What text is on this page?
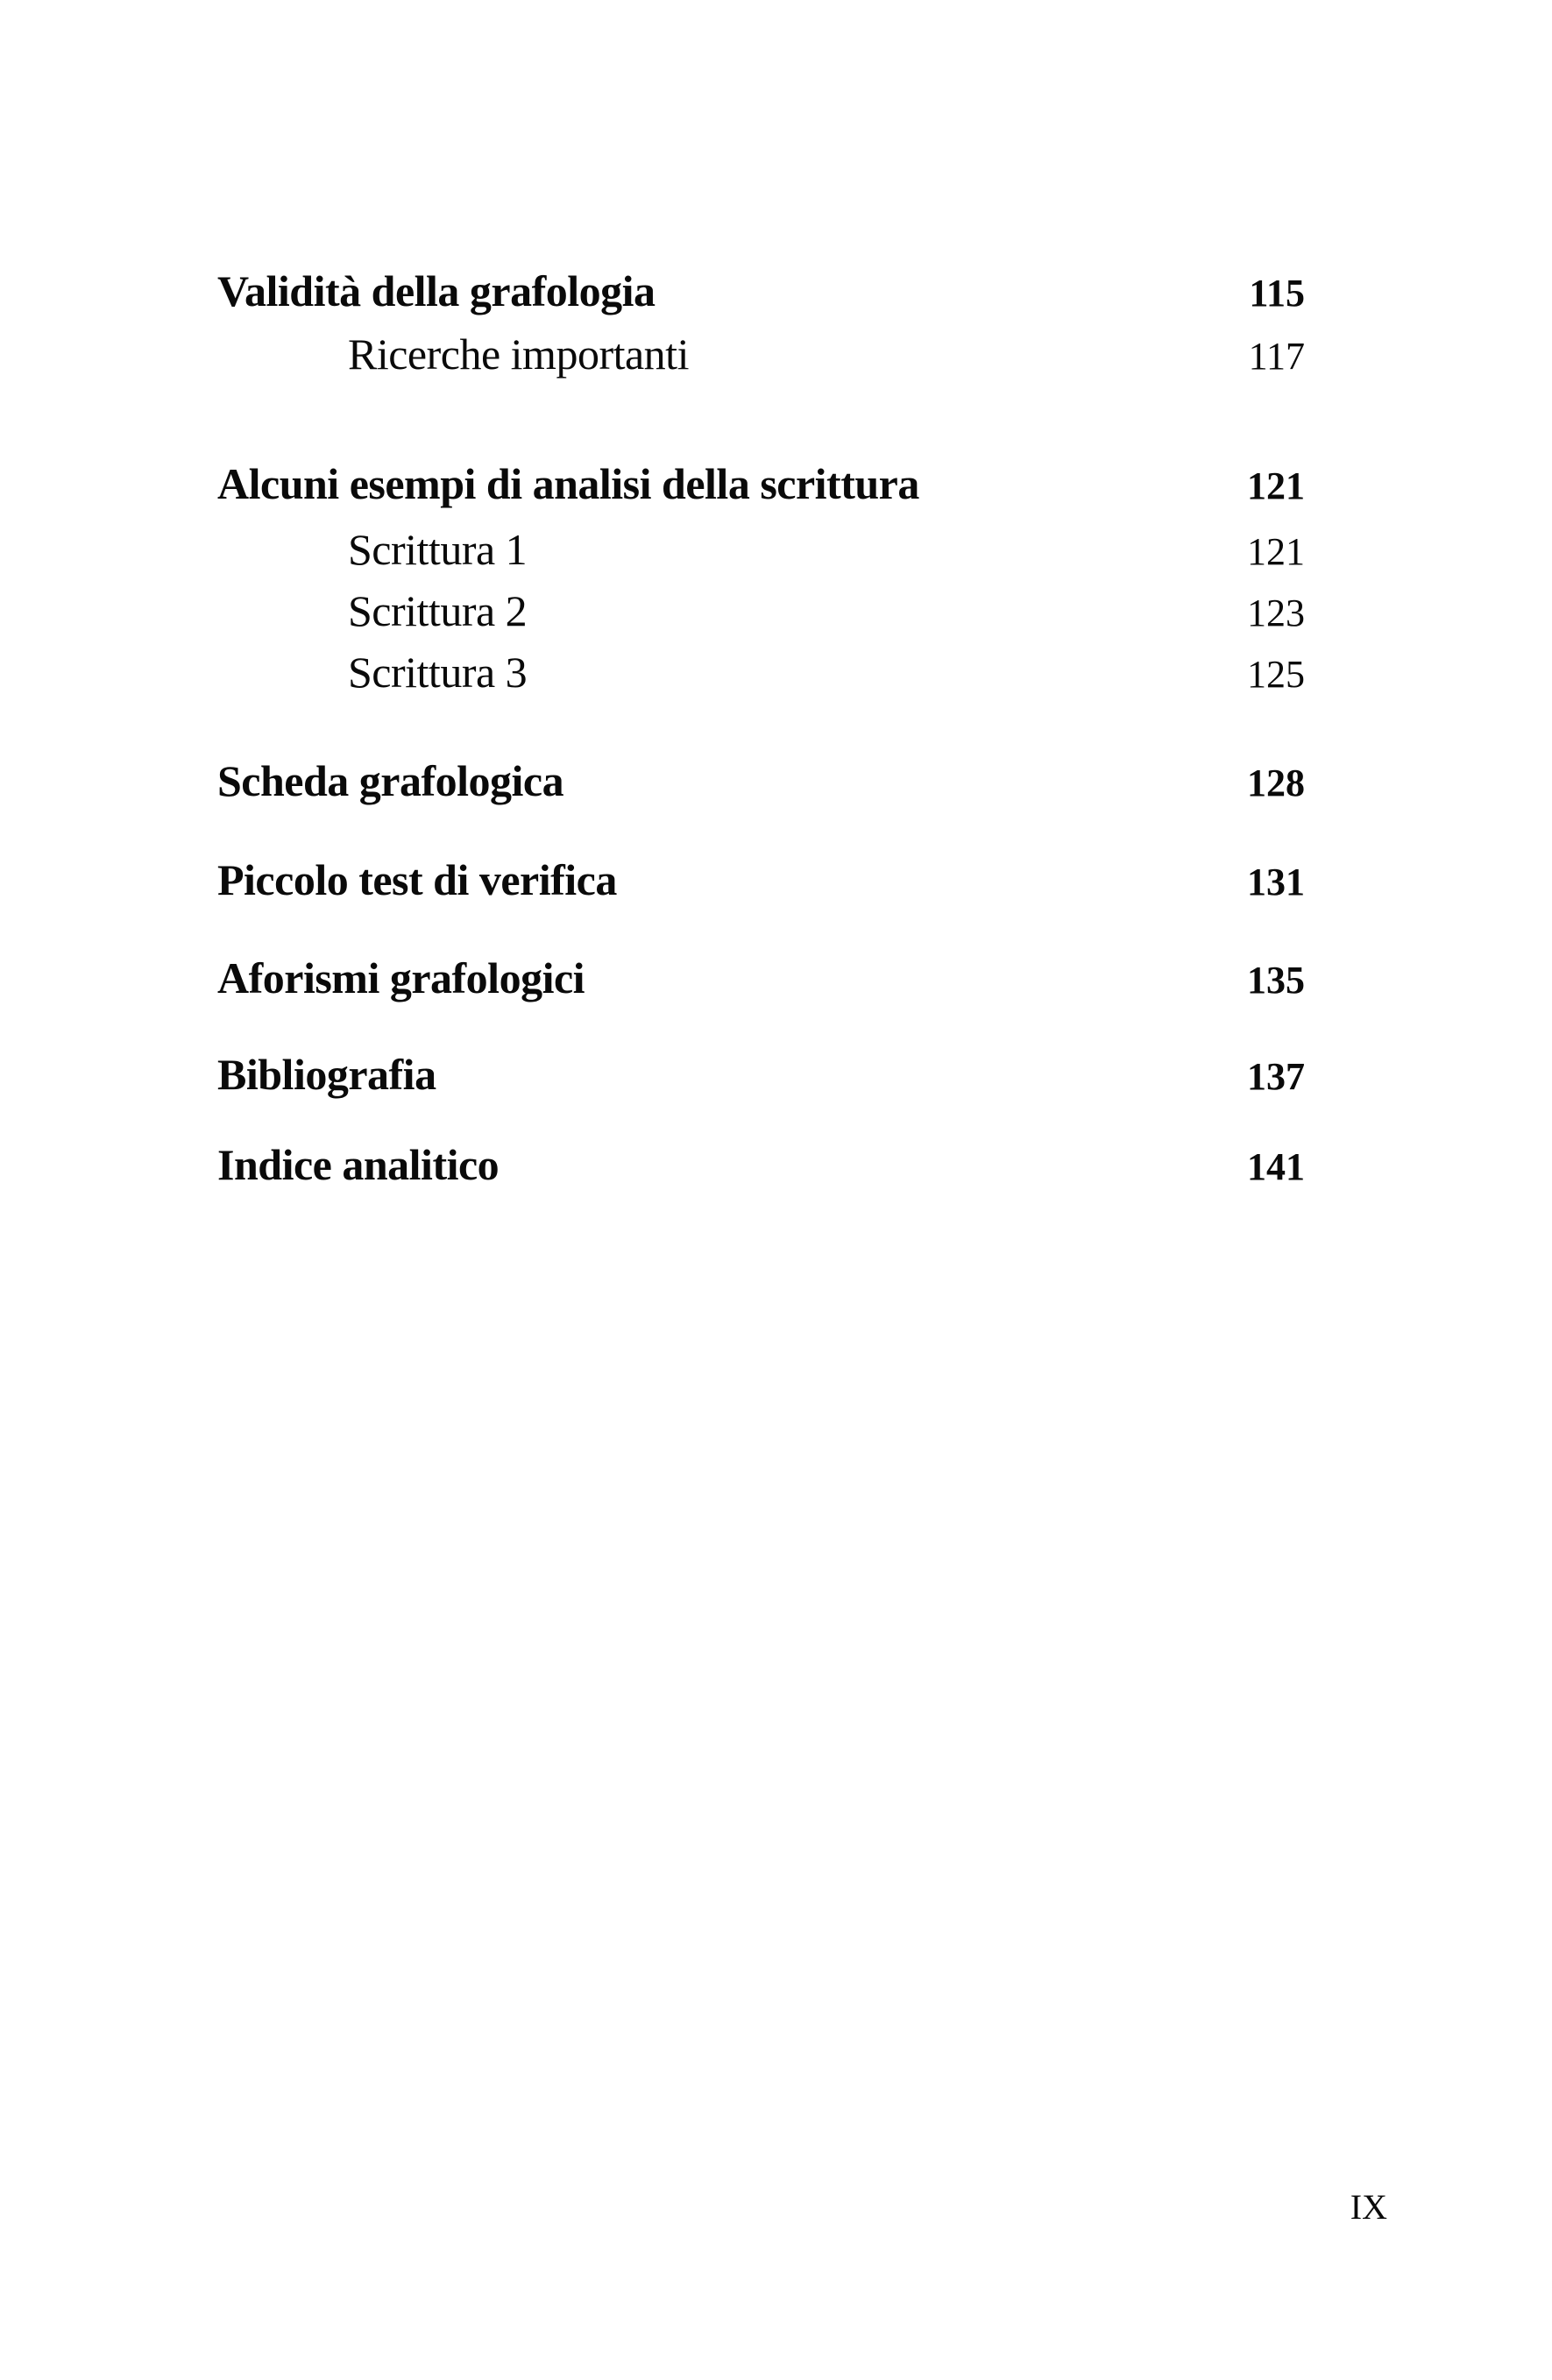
Validità della grafologia	115
Ricerche importanti	117
Alcuni esempi di analisi della scrittura	121
Scrittura 1	121
Scrittura 2	123
Scrittura 3	125
Scheda grafologica	128
Piccolo test di verifica	131
Aforismi grafologici	135
Bibliografia	137
Indice analitico	141
IX
